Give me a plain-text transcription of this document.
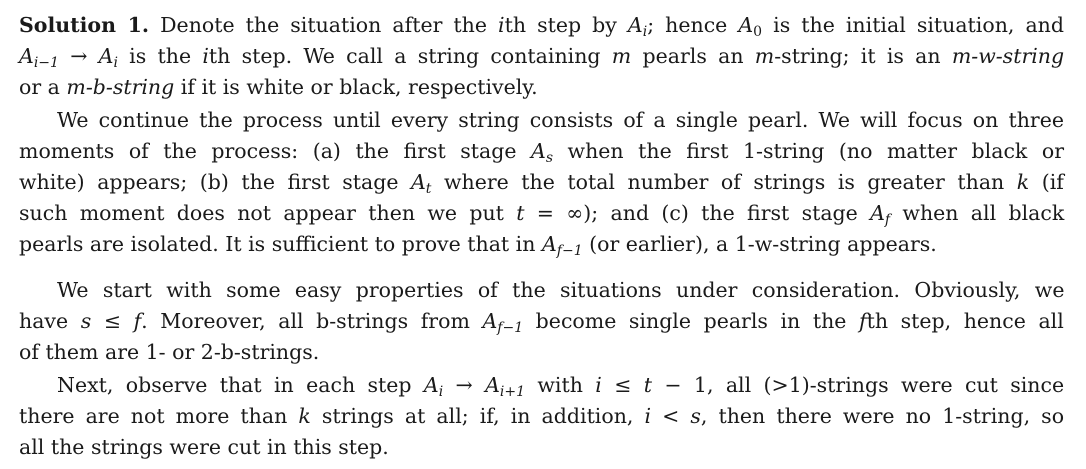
Solution 1. Denote the situation after the ith step by $A_i$; hence $A_0$ is the initial situation, and
$A_{i-1} \to A_i$ is the ith step. We call a string containing m pearls an m-string; it is an m-w-string
or a m-b-string if it is white or black, respectively.
We continue the process until every string consists of a single pearl. We will focus on three
moments of the process: (a) the first stage $A_s$ when the first 1-string (no matter black or
white) appears; (b) the first stage $A_t$ where the total number of strings is greater than k (if
such moment does not appear then we put t = ∞); and (c) the first stage $A_f$ when all black
pearls are isolated. It is sufficient to prove that in $A_{f-1}$ (or earlier), a 1-w-string appears.
We start with some easy properties of the situations under consideration. Obviously, we
have s ≤ f. Moreover, all b-strings from $A_{f-1}$ become single pearls in the fth step, hence all
of them are 1- or 2-b-strings.
Next, observe that in each step $A_i \to A_{i+1}$ with i ≤ t − 1, all (>1)-strings were cut since
there are not more than k strings at all; if, in addition, i < s, then there were no 1-string, so
all the strings were cut in this step.
